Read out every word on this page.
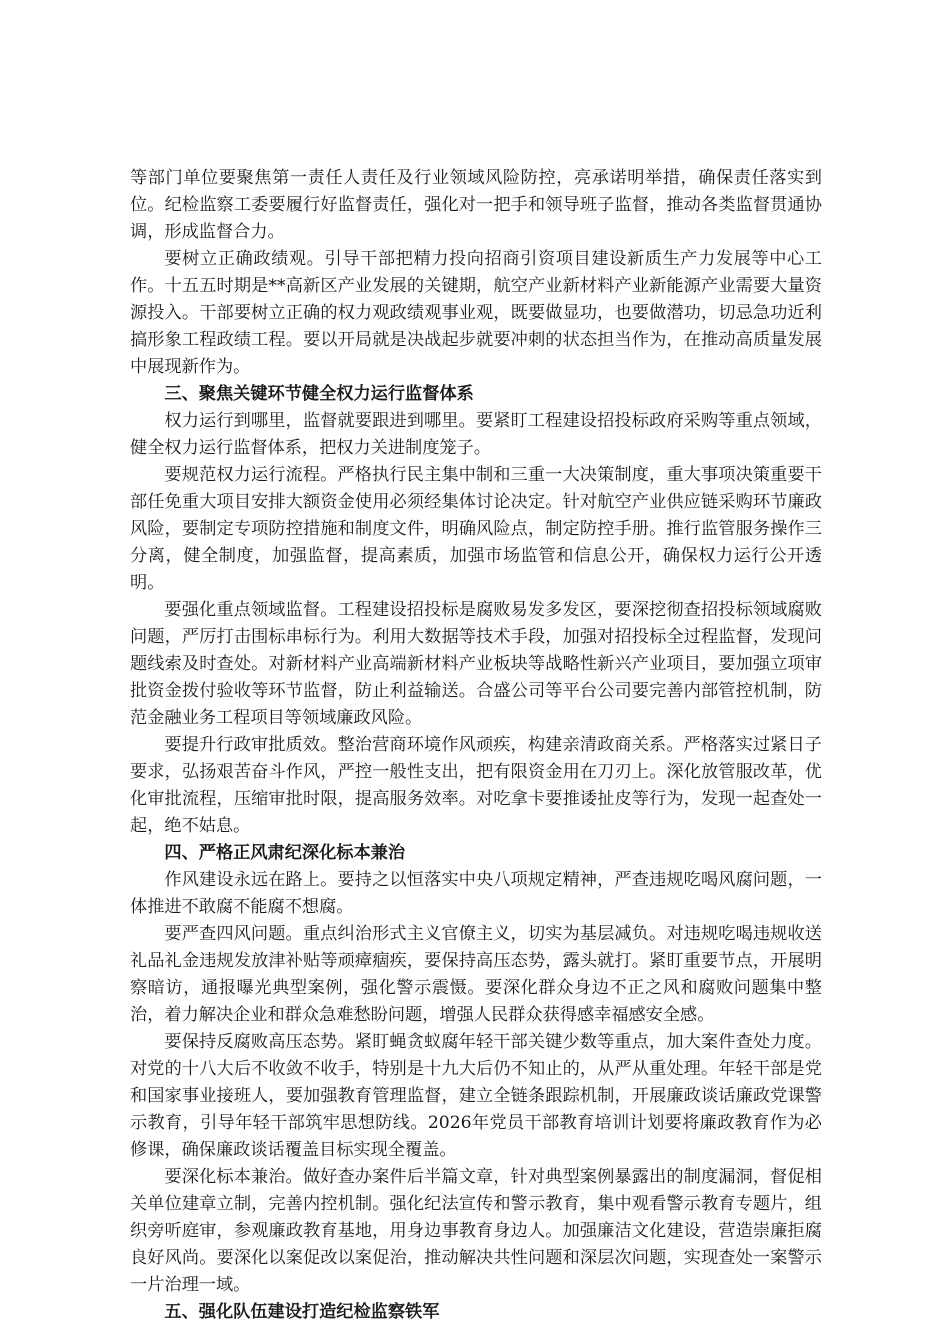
等部门单位要聚焦第一责任人责任及行业领域风险防控，亮承诺明举措，确保责任落实到位。纪检监察工委要履行好监督责任，强化对一把手和领导班子监督，推动各类监督贯通协调，形成监督合力。

要树立正确政绩观。引导干部把精力投向招商引资项目建设新质生产力发展等中心工作。十五五时期是**高新区产业发展的关键期，航空产业新材料产业新能源产业需要大量资源投入。干部要树立正确的权力观政绩观事业观，既要做显功，也要做潜功，切忌急功近利搞形象工程政绩工程。要以开局就是决战起步就要冲刺的状态担当作为，在推动高质量发展中展现新作为。

三、聚焦关键环节健全权力运行监督体系

权力运行到哪里，监督就要跟进到哪里。要紧盯工程建设招投标政府采购等重点领域，健全权力运行监督体系，把权力关进制度笼子。

要规范权力运行流程。严格执行民主集中制和三重一大决策制度，重大事项决策重要干部任免重大项目安排大额资金使用必须经集体讨论决定。针对航空产业供应链采购环节廉政风险，要制定专项防控措施和制度文件，明确风险点，制定防控手册。推行监管服务操作三分离，健全制度，加强监督，提高素质，加强市场监管和信息公开，确保权力运行公开透明。

要强化重点领域监督。工程建设招投标是腐败易发多发区，要深挖彻查招投标领域腐败问题，严厉打击围标串标行为。利用大数据等技术手段，加强对招投标全过程监督，发现问题线索及时查处。对新材料产业高端新材料产业板块等战略性新兴产业项目，要加强立项审批资金拨付验收等环节监督，防止利益输送。合盛公司等平台公司要完善内部管控机制，防范金融业务工程项目等领域廉政风险。

要提升行政审批质效。整治营商环境作风顽疾，构建亲清政商关系。严格落实过紧日子要求，弘扬艰苦奋斗作风，严控一般性支出，把有限资金用在刀刃上。深化放管服改革，优化审批流程，压缩审批时限，提高服务效率。对吃拿卡要推诿扯皮等行为，发现一起查处一起，绝不姑息。

四、严格正风肃纪深化标本兼治

作风建设永远在路上。要持之以恒落实中央八项规定精神，严查违规吃喝风腐问题，一体推进不敢腐不能腐不想腐。

要严查四风问题。重点纠治形式主义官僚主义，切实为基层减负。对违规吃喝违规收送礼品礼金违规发放津补贴等顽瘴痼疾，要保持高压态势，露头就打。紧盯重要节点，开展明察暗访，通报曝光典型案例，强化警示震慑。要深化群众身边不正之风和腐败问题集中整治，着力解决企业和群众急难愁盼问题，增强人民群众获得感幸福感安全感。

要保持反腐败高压态势。紧盯蝇贪蚁腐年轻干部关键少数等重点，加大案件查处力度。对党的十八大后不收敛不收手，特别是十九大后仍不知止的，从严从重处理。年轻干部是党和国家事业接班人，要加强教育管理监督，建立全链条跟踪机制，开展廉政谈话廉政党课警示教育，引导年轻干部筑牢思想防线。2026年党员干部教育培训计划要将廉政教育作为必修课，确保廉政谈话覆盖目标实现全覆盖。

要深化标本兼治。做好查办案件后半篇文章，针对典型案例暴露出的制度漏洞，督促相关单位建章立制，完善内控机制。强化纪法宣传和警示教育，集中观看警示教育专题片，组织旁听庭审，参观廉政教育基地，用身边事教育身边人。加强廉洁文化建设，营造崇廉拒腐良好风尚。要深化以案促改以案促治，推动解决共性问题和深层次问题，实现查处一案警示一片治理一域。

五、强化队伍建设打造纪检监察铁军
